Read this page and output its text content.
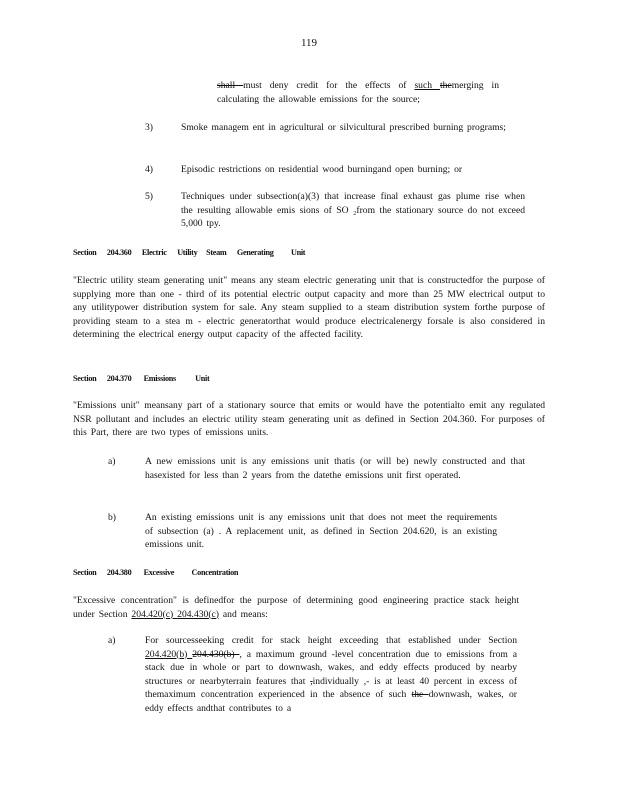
119
shall must deny credit for the effects of such themerging in calculating the allowable emissions for the source;
3)	Smoke managem ent in agricultural or silvicultural prescribed burning programs;
4)	Episodic restrictions on residential wood burningand open burning; or
5)	Techniques under subsection(a)(3) that increase final exhaust gas plume rise when the resulting allowable emis sions of SO ₂from the stationary source do not exceed 5,000 tpy.
Section      204.360      Electric      Utility     Steam      Generating          Unit
"Electric utility steam generating unit" means any steam electric generating unit that is constructedfor the purpose of supplying more than one - third of its potential electric output capacity and more than 25 MW electrical output to any utilitypower distribution system for sale. Any steam supplied to a steam distribution system forthe purpose of providing steam to a stea m - electric generatorthat would produce electricalenergy forsale is also considered in determining the electrical energy output capacity of the affected facility.
Section      204.370       Emissions           Unit
"Emissions unit" meansany part of a stationary source that emits or would have the potentialto emit any regulated NSR pollutant and includes an electric utility steam generating unit as defined in Section 204.360. For purposes of this Part, there are two types of emissions units.
a)	A new emissions unit is any emissions unit thatis (or will be) newly constructed and that hasexisted for less than 2 years from the datethe emissions unit first operated.
b)	An existing emissions unit is any emissions unit that does not meet the requirements of subsection (a) . A replacement unit, as defined in Section 204.620, is an existing emissions unit.
Section      204.380       Excessive          Concentration
"Excessive concentration" is definedfor the purpose of determining good engineering practice stack height under Section 204.420(c) 204.430(c) and means:
a)	For sourcesseeking credit for stack height exceeding that established under Section 204.420(b) 204.430(b) , a maximum ground -level concentration due to emissions from a stack due in whole or part to downwash, wakes, and eddy effects produced by nearby structures or nearbyterrain features that ,individually ,- is at least 40 percent in excess of themaximum concentration experienced in the absence of such the downwash, wakes, or eddy effects andthat contributes to a
